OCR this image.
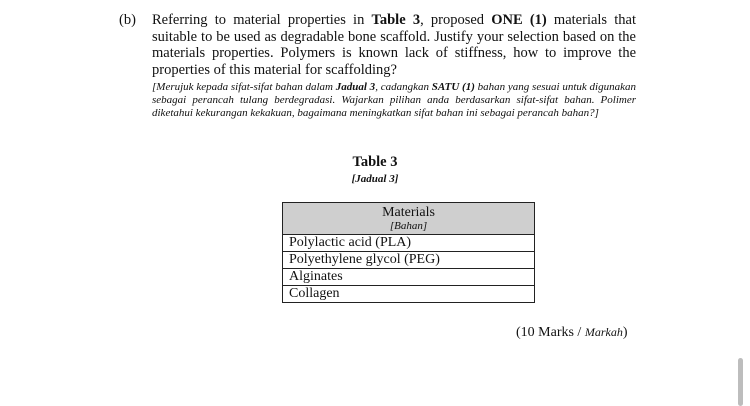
(b) Referring to material properties in Table 3, proposed ONE (1) materials that suitable to be used as degradable bone scaffold. Justify your selection based on the materials properties. Polymers is known lack of stiffness, how to improve the properties of this material for scaffolding?
[Merujuk kepada sifat-sifat bahan dalam Jadual 3, cadangkan SATU (1) bahan yang sesuai untuk digunakan sebagai perancah tulang berdegradasi. Wajarkan pilihan anda berdasarkan sifat-sifat bahan. Polimer diketahui kekurangan kekakuan, bagaimana meningkatkan sifat bahan ini sebagai perancah bahan?]
Table 3
[Jadual 3]
Materials
[Bahan]

Polylactic acid (PLA)
Polyethylene glycol (PEG)
Alginates
Collagen
(10 Marks / Markah)
